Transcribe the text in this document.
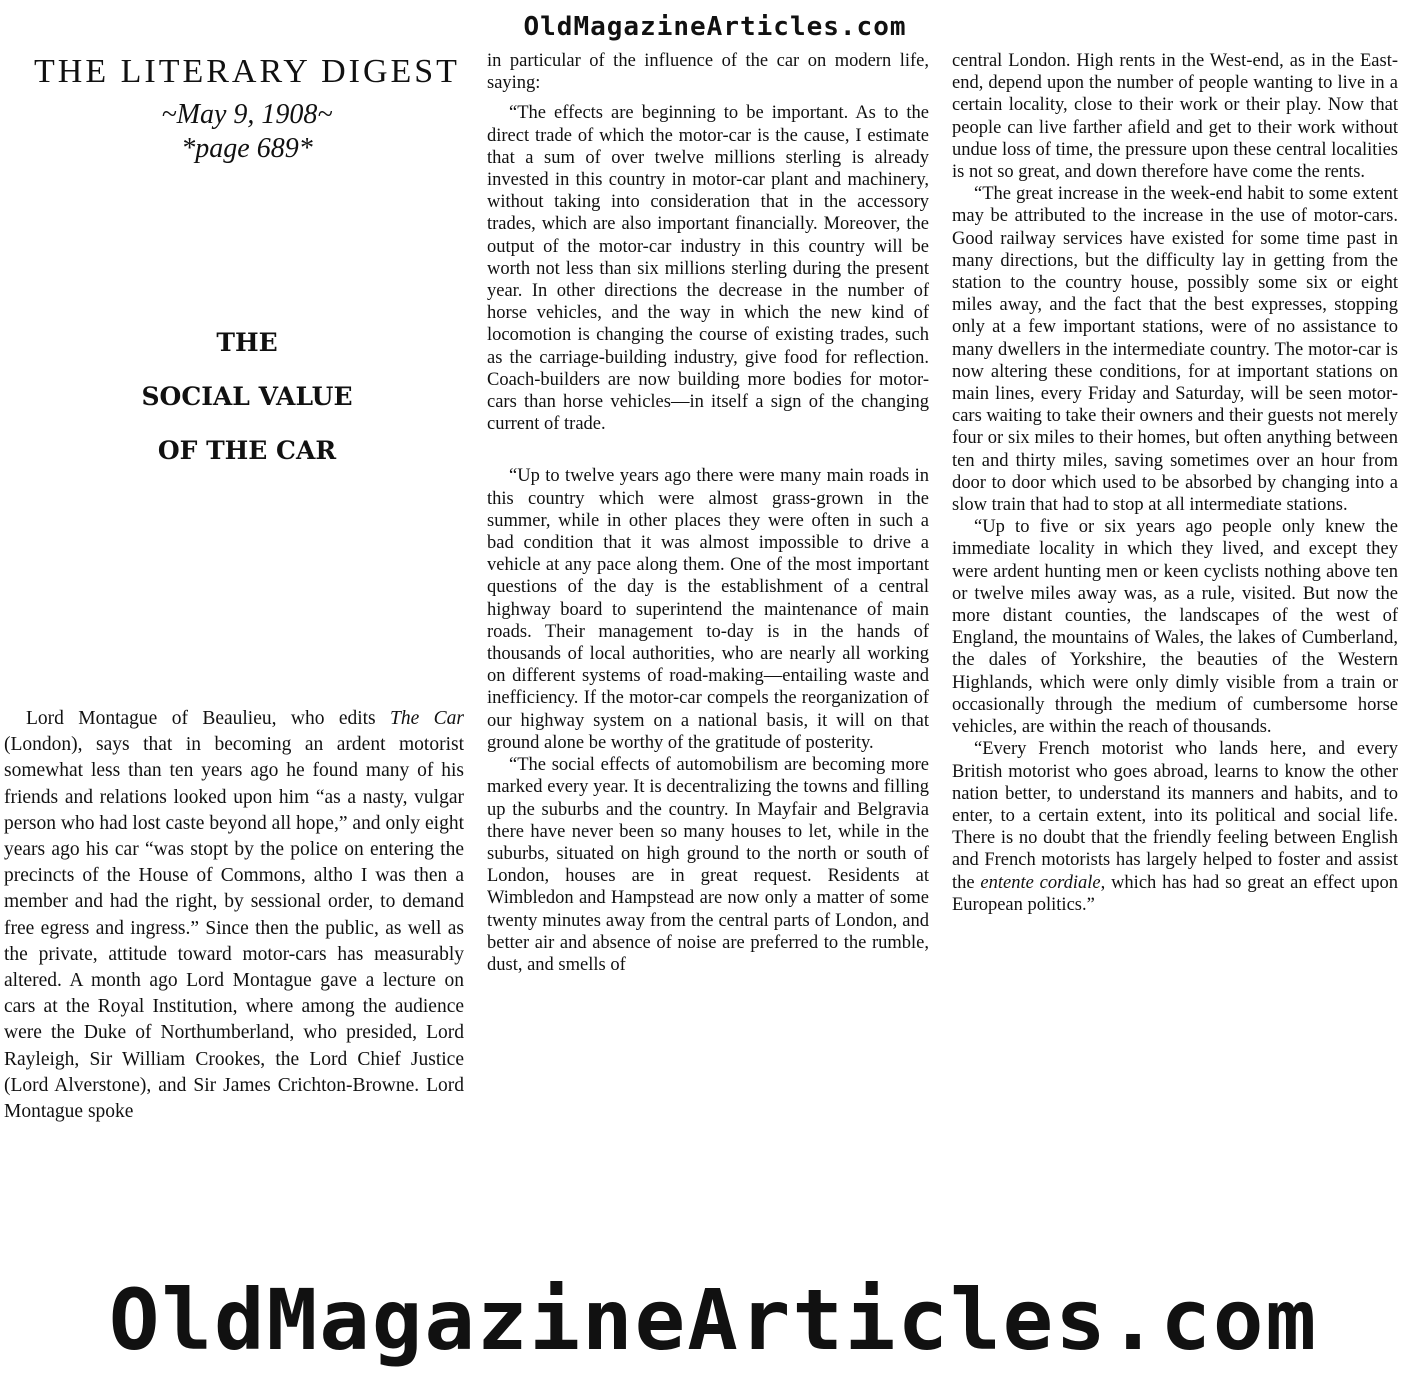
OldMagazineArticles.com
THE LITERARY DIGEST
~May 9, 1908~
*page 689*
THE
SOCIAL VALUE
OF THE CAR

Lord Montague of Beaulieu, who edits The Car (London), says that in becoming an ardent motorist somewhat less than ten years ago he found many of his friends and relations looked upon him “as a nasty, vulgar person who had lost caste beyond all hope,” and only eight years ago his car “was stopt by the police on entering the precincts of the House of Commons, altho I was then a member and had the right, by sessional order, to demand free egress and ingress.” Since then the public, as well as the private, attitude toward motor-cars has measurably altered. A month ago Lord Montague gave a lecture on cars at the Royal Institution, where among the audience were the Duke of Northumberland, who presided, Lord Rayleigh, Sir William Crookes, the Lord Chief Justice (Lord Alverstone), and Sir James Crichton-Browne. Lord Montague spoke

in particular of the influence of the car on modern life, saying:

“The effects are beginning to be important. As to the direct trade of which the motor-car is the cause, I estimate that a sum of over twelve millions sterling is already invested in this country in motor-car plant and machinery, without taking into consideration that in the accessory trades, which are also important financially. Moreover, the output of the motor-car industry in this country will be worth not less than six millions sterling during the present year. In other directions the decrease in the number of horse vehicles, and the way in which the new kind of locomotion is changing the course of existing trades, such as the carriage-building industry, give food for reflection. Coach-builders are now building more bodies for motor-cars than horse vehicles—in itself a sign of the changing current of trade.

“Up to twelve years ago there were many main roads in this country which were almost grass-grown in the summer, while in other places they were often in such a bad condition that it was almost impossible to drive a vehicle at any pace along them. One of the most important questions of the day is the establishment of a central highway board to superintend the maintenance of main roads. Their management to-day is in the hands of thousands of local authorities, who are nearly all working on different systems of road-making—entailing waste and inefficiency. If the motor-car compels the reorganization of our highway system on a national basis, it will on that ground alone be worthy of the gratitude of posterity.

“The social effects of automobilism are becoming more marked every year. It is decentralizing the towns and filling up the suburbs and the country. In Mayfair and Belgravia there have never been so many houses to let, while in the suburbs, situated on high ground to the north or south of London, houses are in great request. Residents at Wimbledon and Hampstead are now only a matter of some twenty minutes away from the central parts of London, and better air and absence of noise are preferred to the rumble, dust, and smells of

central London. High rents in the West-end, as in the East-end, depend upon the number of people wanting to live in a certain locality, close to their work or their play. Now that people can live farther afield and get to their work without undue loss of time, the pressure upon these central localities is not so great, and down therefore have come the rents.

“The great increase in the week-end habit to some extent may be attributed to the increase in the use of motor-cars. Good railway services have existed for some time past in many directions, but the difficulty lay in getting from the station to the country house, possibly some six or eight miles away, and the fact that the best expresses, stopping only at a few important stations, were of no assistance to many dwellers in the intermediate country. The motor-car is now altering these conditions, for at important stations on main lines, every Friday and Saturday, will be seen motor-cars waiting to take their owners and their guests not merely four or six miles to their homes, but often anything between ten and thirty miles, saving sometimes over an hour from door to door which used to be absorbed by changing into a slow train that had to stop at all intermediate stations.

“Up to five or six years ago people only knew the immediate locality in which they lived, and except they were ardent hunting men or keen cyclists nothing above ten or twelve miles away was, as a rule, visited. But now the more distant counties, the landscapes of the west of England, the mountains of Wales, the lakes of Cumberland, the dales of Yorkshire, the beauties of the Western Highlands, which were only dimly visible from a train or occasionally through the medium of cumbersome horse vehicles, are within the reach of thousands.

“Every French motorist who lands here, and every British motorist who goes abroad, learns to know the other nation better, to understand its manners and habits, and to enter, to a certain extent, into its political and social life. There is no doubt that the friendly feeling between English and French motorists has largely helped to foster and assist the entente cordiale, which has had so great an effect upon European politics.”

OldMagazineArticles.com
